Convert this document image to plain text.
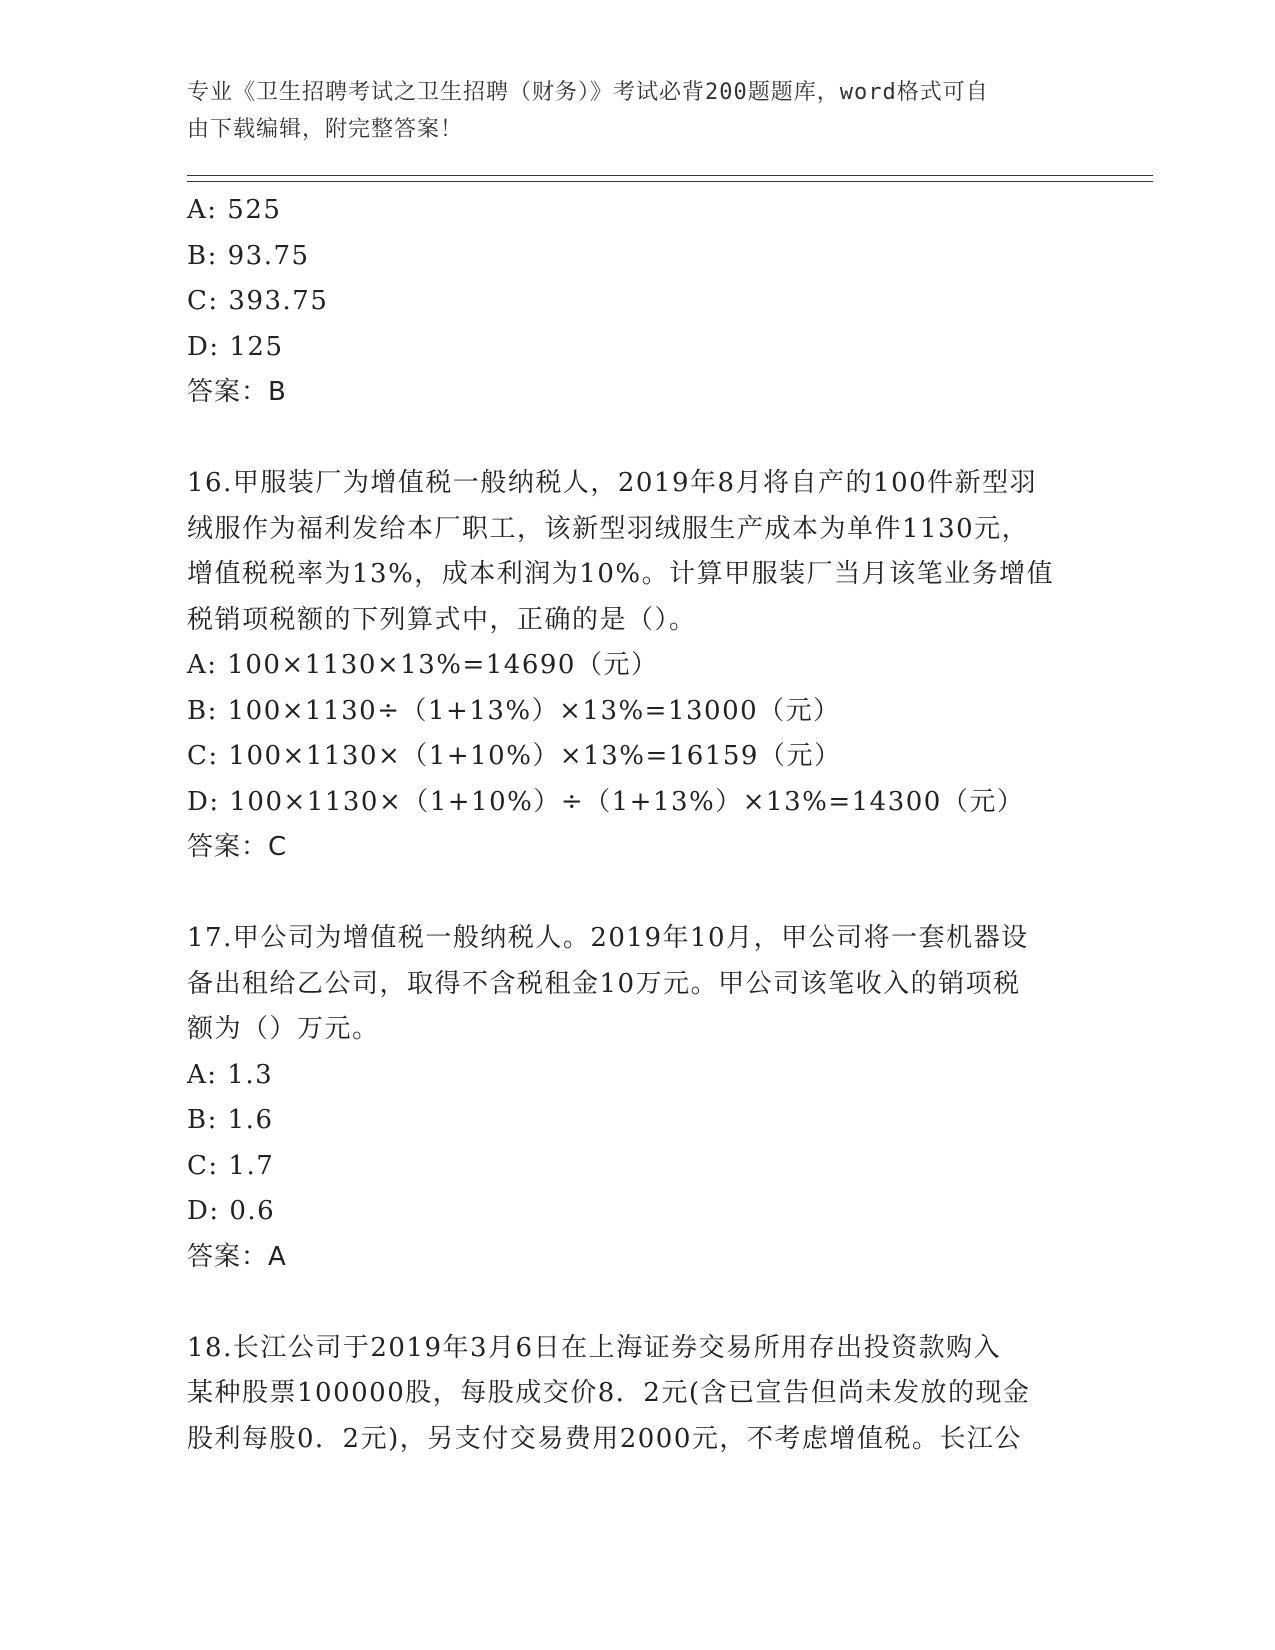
专业《卫生招聘考试之卫生招聘（财务）》考试必背200题题库，word格式可自
由下载编辑，附完整答案！
A: 525
B: 93.75
C: 393.75
D: 125
答案：B
16.甲服装厂为增值税一般纳税人，2019年8月将自产的100件新型羽
绒服作为福利发给本厂职工，该新型羽绒服生产成本为单件1130元，
增值税税率为13%，成本利润为10%。计算甲服装厂当月该笔业务增值
税销项税额的下列算式中，正确的是（）。
A: 100×1130×13%=14690（元）
B: 100×1130÷（1+13%）×13%=13000（元）
C: 100×1130×（1+10%）×13%=16159（元）
D: 100×1130×（1+10%）÷（1+13%）×13%=14300（元）
答案：C
17.甲公司为增值税一般纳税人。2019年10月，甲公司将一套机器设
备出租给乙公司，取得不含税租金10万元。甲公司该笔收入的销项税
额为（）万元。
A: 1.3
B: 1.6
C: 1.7
D: 0.6
答案：A
18.长江公司于2019年3月6日在上海证券交易所用存出投资款购入
某种股票100000股，每股成交价8．2元(含已宣告但尚未发放的现金
股利每股0．2元)，另支付交易费用2000元，不考虑增值税。长江公
